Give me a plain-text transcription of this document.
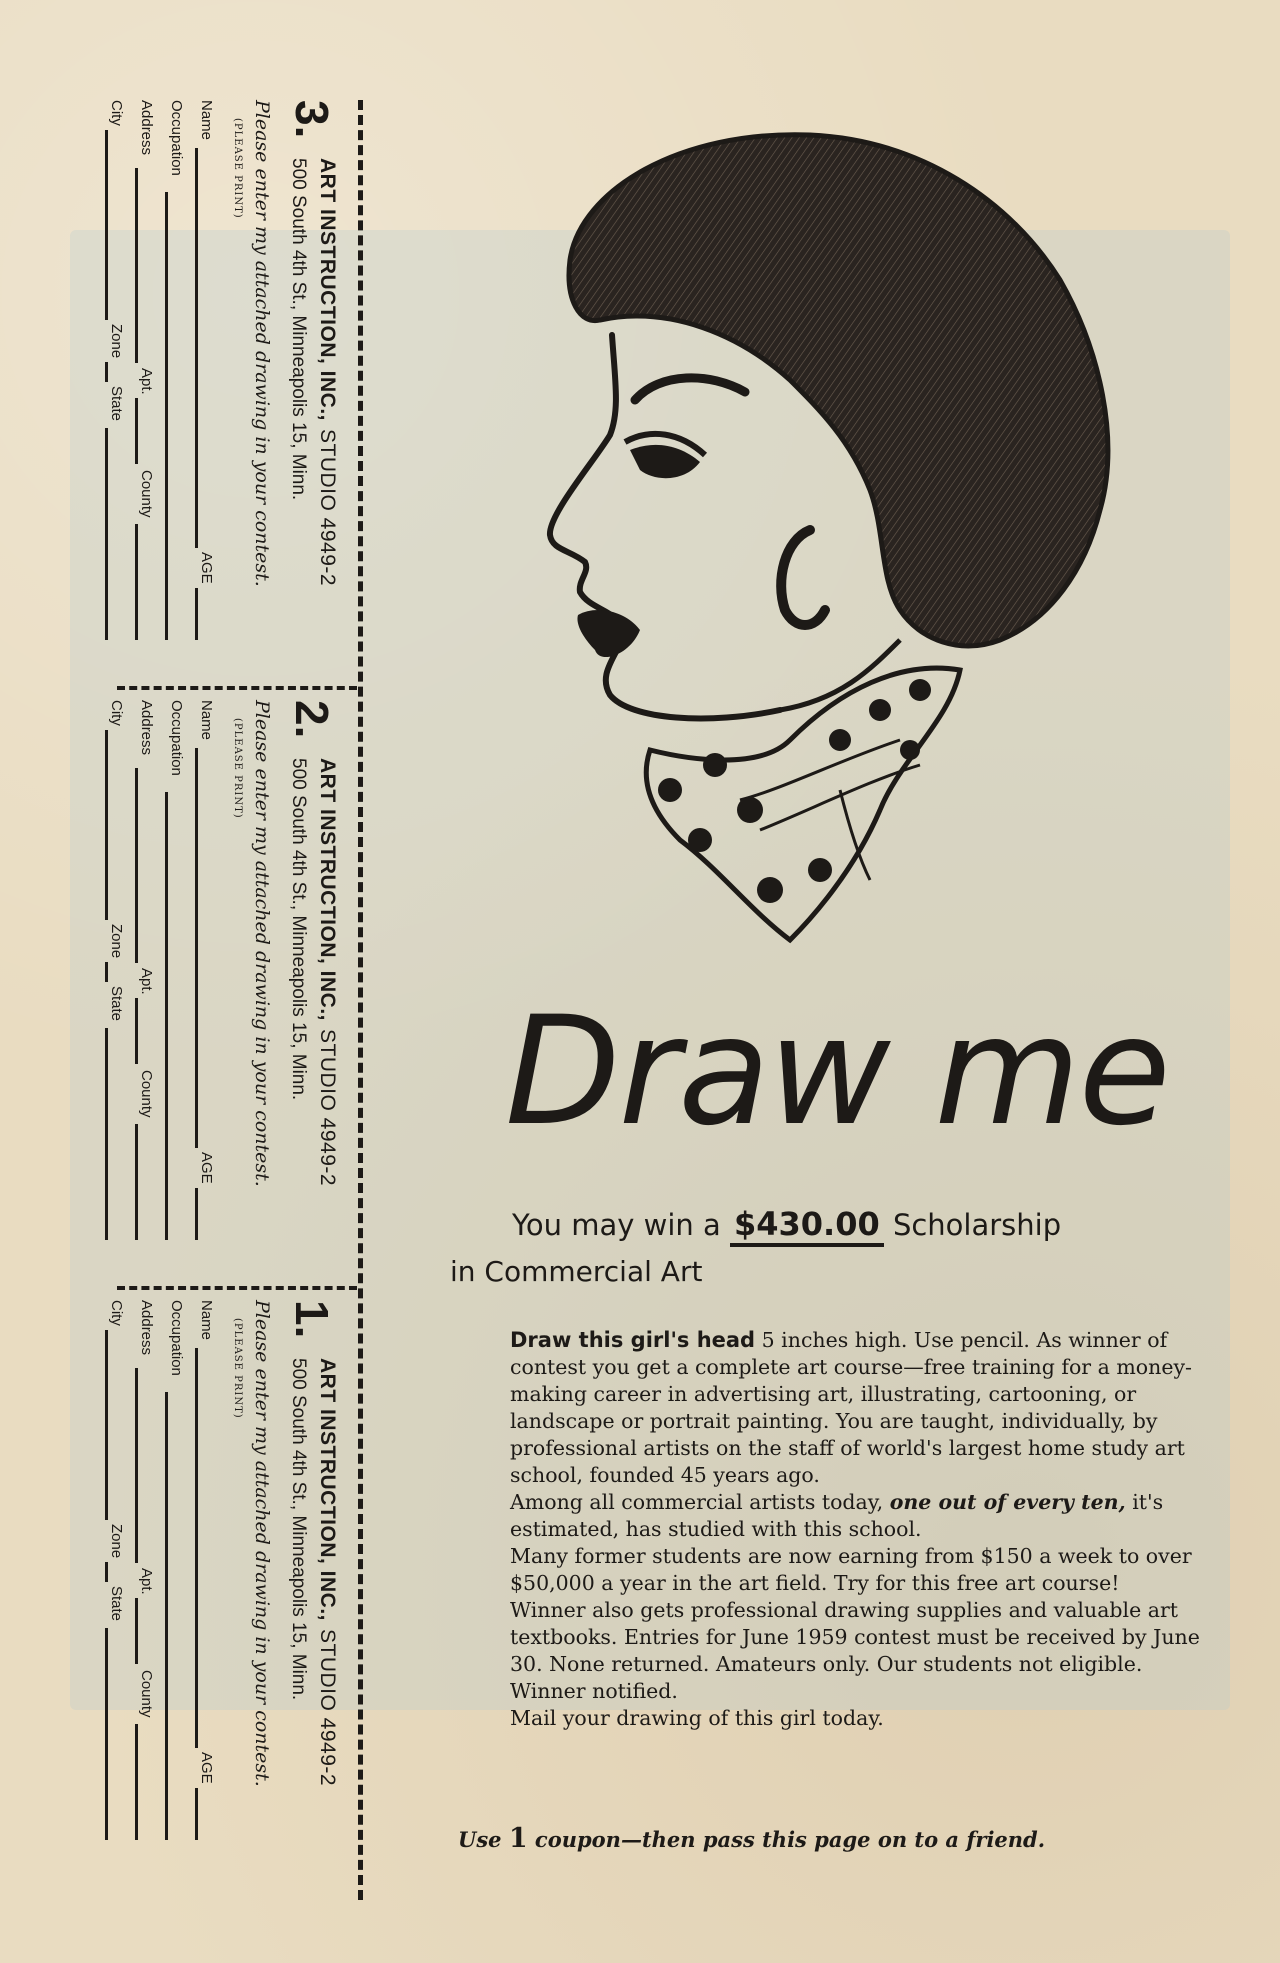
3.
ART INSTRUCTION, INC.,STUDIO 4949-2
500 South 4th St., Minneapolis 15, Minn.
Please enter my attached drawing in your contest.
(PLEASE PRINT)
Name
AGE
Occupation
Address
Apt.
County
City
Zone
State
2.
ART INSTRUCTION, INC.,STUDIO 4949-2
500 South 4th St., Minneapolis 15, Minn.
Please enter my attached drawing in your contest.
(PLEASE PRINT)
Name
AGE
Occupation
Address
Apt.
County
City
Zone
State
1.
ART INSTRUCTION, INC.,STUDIO 4949-2
500 South 4th St., Minneapolis 15, Minn.
Please enter my attached drawing in your contest.
(PLEASE PRINT)
Name
AGE
Occupation
Address
Apt.
County
City
Zone
State
Draw me
You may win a $430.00 Scholarship
in Commercial Art

Draw this girl's head 5 inches high. Use pencil. As winner of contest you get a complete art course—free training for a money-making career in advertising art, illustrating, cartooning, or landscape or portrait painting. You are taught, individually, by professional artists on the staff of world's largest home study art school, founded 45 years ago.

Among all commercial artists today, one out of every ten, it's estimated, has studied with this school.

Many former students are now earning from $150 a week to over $50,000 a year in the art field. Try for this free art course! Winner also gets professional drawing supplies and valuable art textbooks. Entries for June 1959 contest must be received by June 30. None returned. Amateurs only. Our students not eligible. Winner notified.

Mail your drawing of this girl today.

Use 1 coupon—then pass this page on to a friend.
